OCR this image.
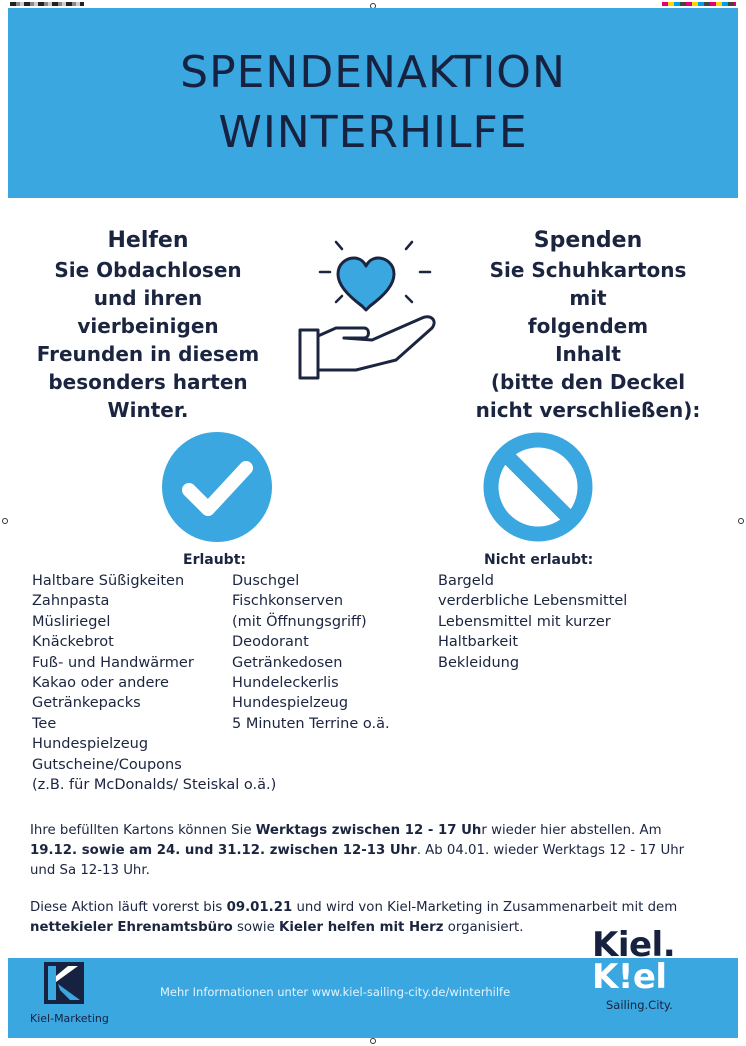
SPENDENAKTION
WINTERHILFE
Helfen
Sie Obdachlosen
und ihren
vierbeinigen
Freunden in diesem
besonders harten
Winter.
Spenden
Sie Schuhkartons mit
folgendem
Inhalt
(bitte den Deckel
nicht verschließen):
Erlaubt:	Nicht erlaubt:
Haltbare Süßigkeiten
Zahnpasta
Müsliriegel
Knäckebrot
Fuß- und Handwärmer
Kakao oder andere
Getränkepacks
Tee
Hundespielzeug
Gutscheine/Coupons
(z.B. für McDonalds/ Steiskal o.ä.)
Duschgel
Fischkonserven
(mit Öffnungsgriff)
Deodorant
Getränkedosen
Hundeleckerlis
Hundespielzeug
5 Minuten Terrine o.ä.
Bargeld
verderbliche Lebensmittel
Lebensmittel mit kurzer
Haltbarkeit
Bekleidung

Ihre befüllten Kartons können Sie Werktags zwischen 12 - 17 Uhr wieder hier abstellen. Am 19.12. sowie am 24. und 31.12. zwischen 12-13 Uhr. Ab 04.01. wieder Werktags 12 - 17 Uhr und Sa 12-13 Uhr.

Diese Aktion läuft vorerst bis 09.01.21 und wird von Kiel-Marketing in Zusammenarbeit mit dem nettekieler Ehrenamtsbüro sowie Kieler helfen mit Herz organisiert.

Kiel-Marketing
Mehr Informationen unter www.kiel-sailing-city.de/winterhilfe
Kiel.
K!el
Sailing.City.
